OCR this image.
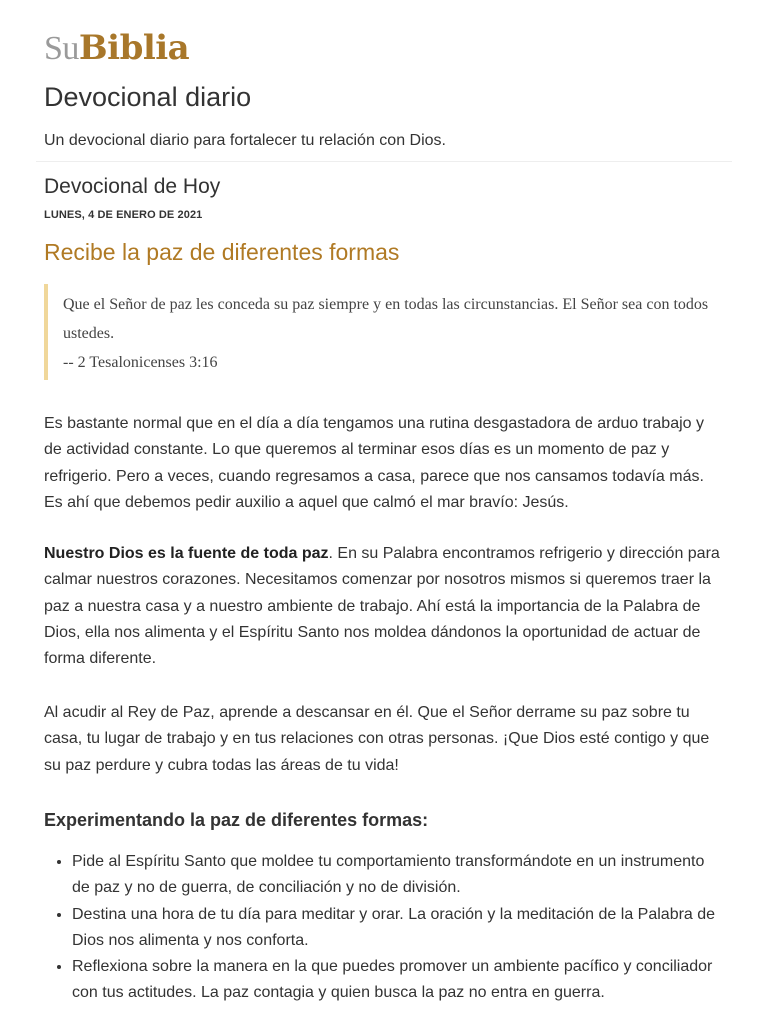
SuBiblia
Devocional diario

Un devocional diario para fortalecer tu relación con Dios.

Devocional de Hoy

LUNES, 4 DE ENERO DE 2021

Recibe la paz de diferentes formas

Que el Señor de paz les conceda su paz siempre y en todas las circunstancias. El Señor sea con todos ustedes.

-- 2 Tesalonicenses 3:16

Es bastante normal que en el día a día tengamos una rutina desgastadora de arduo trabajo y de actividad constante. Lo que queremos al terminar esos días es un momento de paz y refrigerio. Pero a veces, cuando regresamos a casa, parece que nos cansamos todavía más. Es ahí que debemos pedir auxilio a aquel que calmó el mar bravío: Jesús.

Nuestro Dios es la fuente de toda paz. En su Palabra encontramos refrigerio y dirección para calmar nuestros corazones. Necesitamos comenzar por nosotros mismos si queremos traer la paz a nuestra casa y a nuestro ambiente de trabajo. Ahí está la importancia de la Palabra de Dios, ella nos alimenta y el Espíritu Santo nos moldea dándonos la oportunidad de actuar de forma diferente.

Al acudir al Rey de Paz, aprende a descansar en él. Que el Señor derrame su paz sobre tu casa, tu lugar de trabajo y en tus relaciones con otras personas. ¡Que Dios esté contigo y que su paz perdure y cubra todas las áreas de tu vida!

Experimentando la paz de diferentes formas:
• Pide al Espíritu Santo que moldee tu comportamiento transformándote en un instrumento de paz y no de guerra, de conciliación y no de división.
• Destina una hora de tu día para meditar y orar. La oración y la meditación de la Palabra de Dios nos alimenta y nos conforta.
• Reflexiona sobre la manera en la que puedes promover un ambiente pacífico y conciliador con tus actitudes. La paz contagia y quien busca la paz no entra en guerra.
